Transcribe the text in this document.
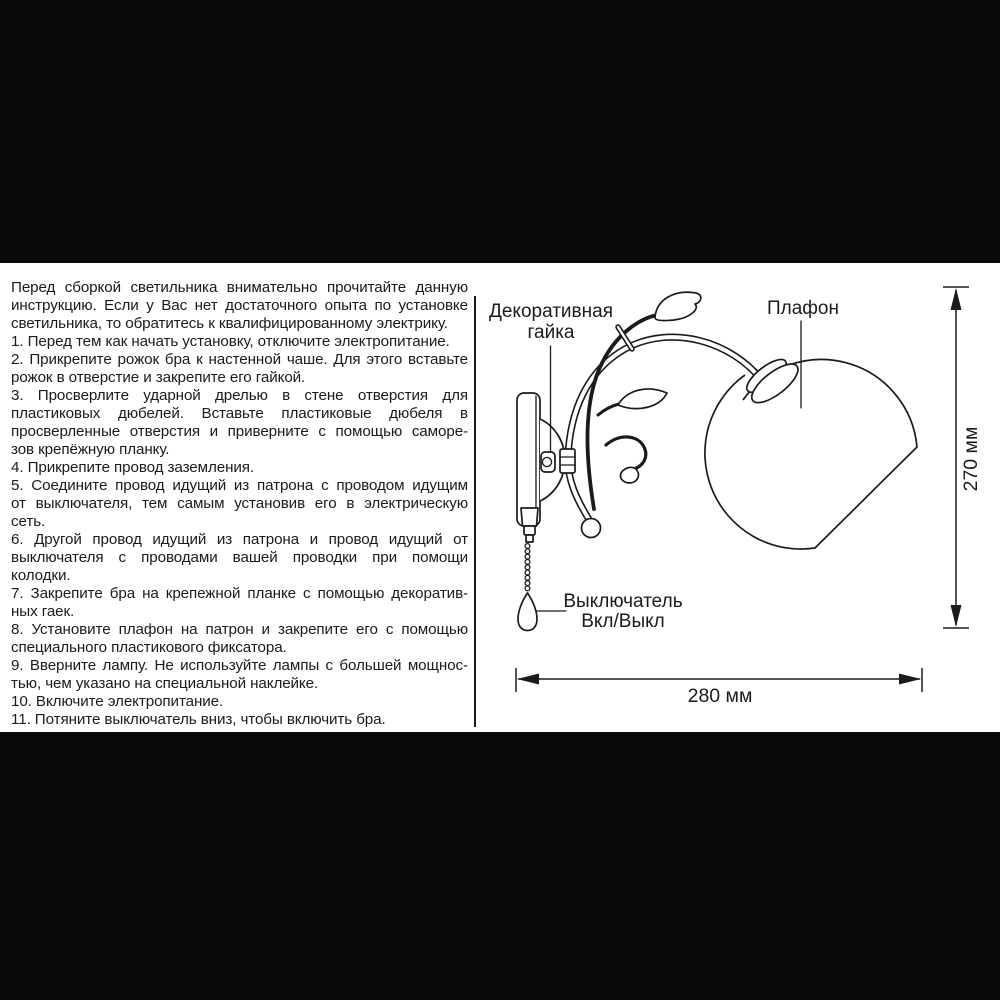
Перед сборкой светильника внимательно прочитайте данную
инструкцию. Если у Вас нет достаточного опыта по установке
светильника, то обратитесь к квалифицированному электрику.
1. Перед тем как начать установку, отключите электропитание.
2. Прикрепите рожок бра к настенной чаше. Для этого вставьте
рожок в отверстие и закрепите его гайкой.
3. Просверлите ударной дрелью в стене отверстия для
пластиковых дюбелей. Вставьте пластиковые дюбеля в
просверленные отверстия и приверните с помощью саморе-
зов крепёжную планку.
4. Прикрепите провод заземления.
5. Соедините провод идущий из патрона с проводом идущим
от выключателя, тем самым установив его в электрическую
сеть.
6. Другой провод идущий из патрона и провод идущий от
выключателя с проводами вашей проводки при помощи
колодки.
7. Закрепите бра на крепежной планке с помощью декоратив-
ных гаек.
8. Установите плафон на патрон и закрепите его с помощью
специального пластикового фиксатора.
9. Вверните лампу. Не используйте лампы с большей мощнос-
тью, чем указано на специальной наклейке.
10. Включите электропитание.
11. Потяните выключатель вниз, чтобы включить бра.
Декоративная
гайка
Плафон
Выключатель
Вкл/Выкл
280 мм
270 мм
